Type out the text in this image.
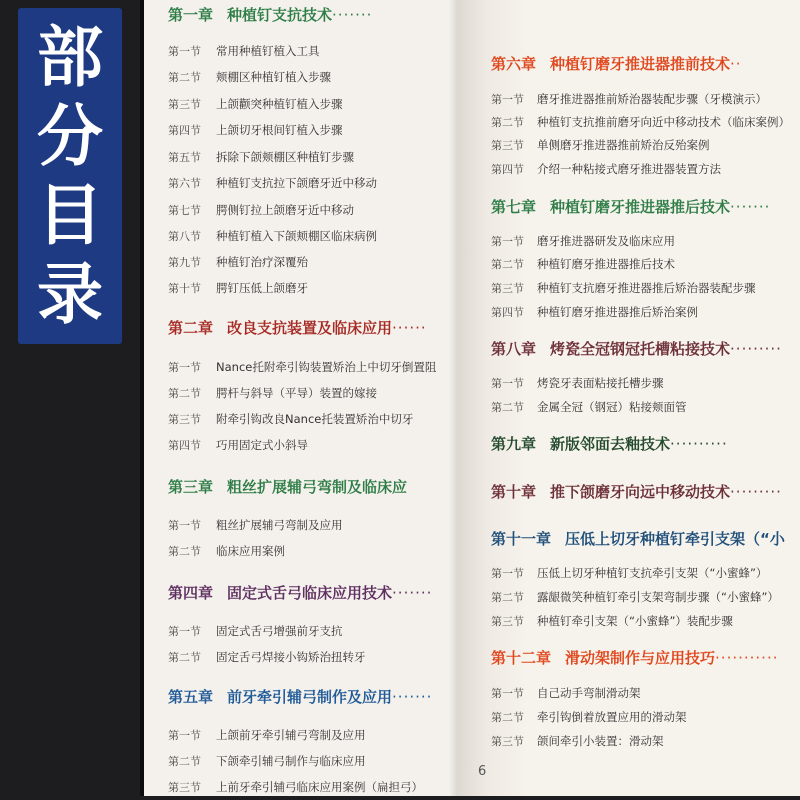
部
分
目
录
第一章 种植钉支抗技术·······
第一节 常用种植钉植入工具
第二节 颊棚区种植钉植入步骤
第三节 上颌颧突种植钉植入步骤
第四节 上颌切牙根间钉植入步骤
第五节 拆除下颌颊棚区种植钉步骤
第六节 种植钉支抗拉下颌磨牙近中移动
第七节 腭侧钉拉上颌磨牙近中移动
第八节 种植钉植入下颌颊棚区临床病例
第九节 种植钉治疗深覆殆
第十节 腭钉压低上颌磨牙
第二章 改良支抗装置及临床应用······
第一节 Nance托附牵引钩装置矫治上中切牙倒置阻
第二节 腭杆与斜导（平导）装置的嫁接
第三节 附牵引钩改良Nance托装置矫治中切牙
第四节 巧用固定式小斜导
第三章 粗丝扩展辅弓弯制及临床应
第一节 粗丝扩展辅弓弯制及应用
第二节 临床应用案例
第四章 固定式舌弓临床应用技术·······
第一节 固定式舌弓增强前牙支抗
第二节 固定舌弓焊接小钩矫治扭转牙
第五章 前牙牵引辅弓制作及应用·······
第一节 上颌前牙牵引辅弓弯制及应用
第二节 下颌牵引辅弓制作与临床应用
第三节 上前牙牵引辅弓临床应用案例（扁担弓）
第六章 种植钉磨牙推进器推前技术··
第一节 磨牙推进器推前矫治器装配步骤（牙模演示）
第二节 种植钉支抗推前磨牙向近中移动技术（临床案例）
第三节 单侧磨牙推进器推前矫治反殆案例
第四节 介绍一种粘接式磨牙推进器装置方法
第七章 种植钉磨牙推进器推后技术·······
第一节 磨牙推进器研发及临床应用
第二节 种植钉磨牙推进器推后技术
第三节 种植钉支抗磨牙推进器推后矫治器装配步骤
第四节 种植钉磨牙推进器推后矫治案例
第八章 烤瓷全冠钢冠托槽粘接技术·········
第一节 烤瓷牙表面粘接托槽步骤
第二节 金属全冠（钢冠）粘接颊面管
第九章 新版邻面去釉技术··········
第十章 推下颌磨牙向远中移动技术·········
第十一章 压低上切牙种植钉牵引支架（“小
第一节 压低上切牙种植钉支抗牵引支架（“小蜜蜂”）
第二节 露龈微笑种植钉牵引支架弯制步骤（“小蜜蜂”）
第三节 种植钉牵引支架（“小蜜蜂”）装配步骤
第十二章 滑动架制作与应用技巧···········
第一节 自己动手弯制滑动架
第二节 牵引钩倒着放置应用的滑动架
第三节 颌间牵引小装置：滑动架
6
